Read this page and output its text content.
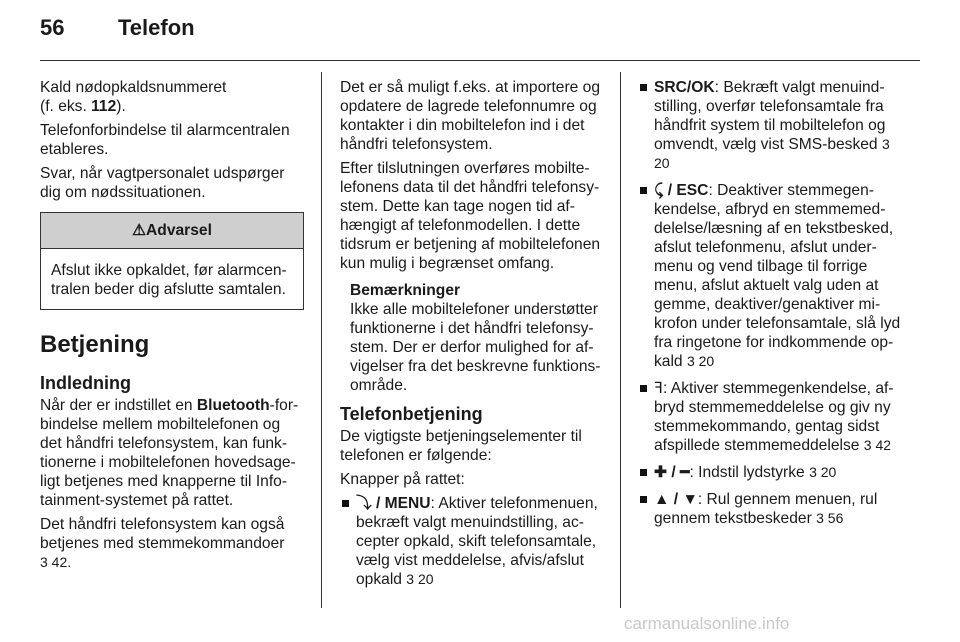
56 Telefon

Kald nødopkaldsnummeret
(f. eks. 112).

Telefonforbindelse til alarmcentralen etableres.

Svar, når vagtpersonalet udspørger dig om nødssituationen.

⚠Advarsel
Afslut ikke opkaldet, før alarmcen-tralen beder dig afslutte samtalen.
Betjening
Indledning

Når der er indstillet en Bluetooth-for-bindelse mellem mobiltelefonen og det håndfri telefonsystem, kan funk-tionerne i mobiltelefonen hovedsage-ligt betjenes med knapperne til Info-tainment-systemet på rattet.

Det håndfri telefonsystem kan også betjenes med stemmekommandoer
3 42.

Det er så muligt f.eks. at importere og opdatere de lagrede telefonnumre og kontakter i din mobiltelefon ind i det håndfri telefonsystem.

Efter tilslutningen overføres mobilte-lefonens data til det håndfri telefonsy-stem. Dette kan tage nogen tid af-hængigt af telefonmodellen. I dette tidsrum er betjening af mobiltelefonen kun mulig i begrænset omfang.

Bemærkninger
Ikke alle mobiltelefoner understøtter funktionerne i det håndfri telefonsy-stem. Der er derfor mulighed for af-vigelser fra det beskrevne funktions-område.
Telefonbetjening

De vigtigste betjeningselementer til telefonen er følgende:

Knapper på rattet:

⤵ / MENU: Aktiver telefonmenuen, bekræft valgt menuindstilling, ac-cepter opkald, skift telefonsamtale, vælg vist meddelelse, afvis/afslut opkald 3 20
SRC/OK: Bekræft valgt menuind-stilling, overfør telefonsamtale fra håndfrit system til mobiltelefon og omvendt, vælg vist SMS-besked 3 20
⤹ / ESC: Deaktiver stemmegen-kendelse, afbryd en stemmemed-delelse/læsning af en tekstbesked, afslut telefonmenu, afslut under-menu og vend tilbage til forrige menu, afslut aktuelt valg uden at gemme, deaktiver/genaktiver mi-krofon under telefonsamtale, slå lyd fra ringetone for indkommende op-kald 3 20
ꟻ: Aktiver stemmegenkendelse, af-bryd stemmemeddelelse og giv ny stemmekommando, gentag sidst afspillede stemmemeddelelse 3 42
✚ / ━: Indstil lydstyrke 3 20
▲ / ▼: Rul gennem menuen, rul gennem tekstbeskeder 3 56
carmanualsonline.info
